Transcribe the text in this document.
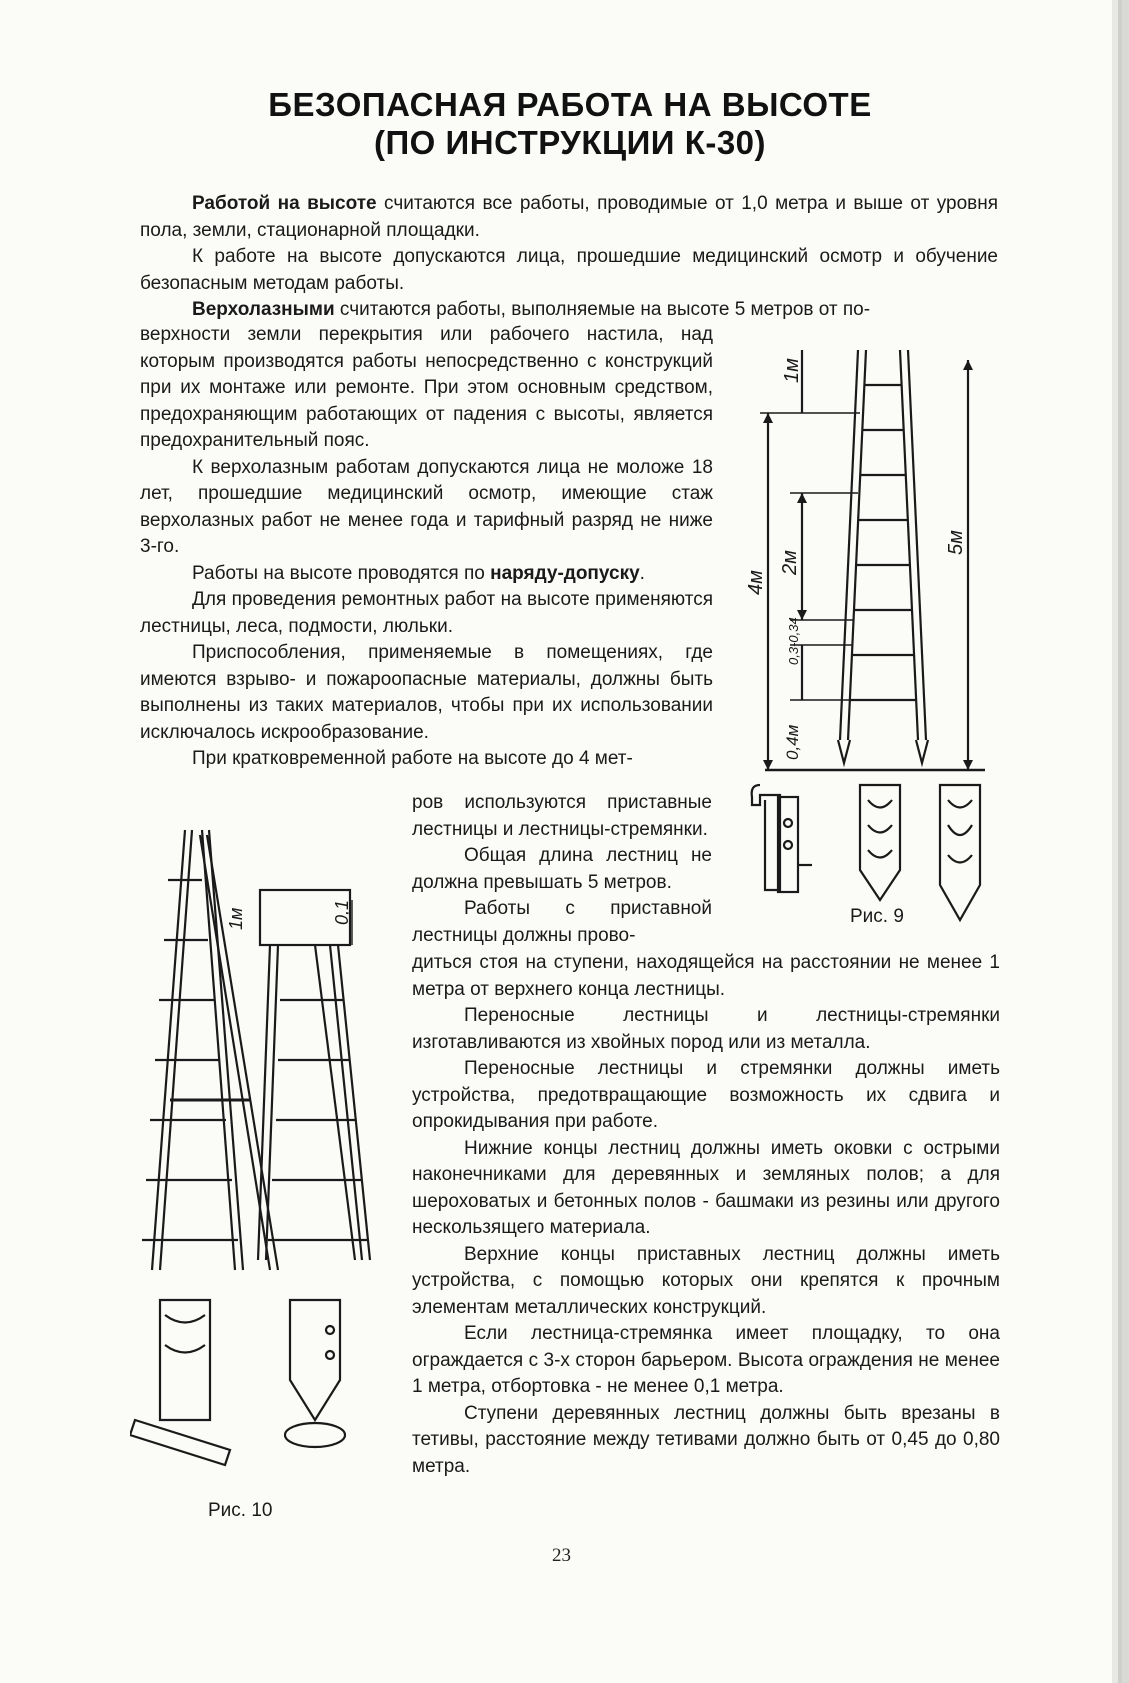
БЕЗОПАСНАЯ РАБОТА НА ВЫСОТЕ
(ПО ИНСТРУКЦИИ К-30)

Работой на высоте считаются все работы, проводимые от 1,0 метра и выше от уровня пола, земли, стационарной площадки.

К работе на высоте допускаются лица, прошедшие медицинский осмотр и обучение безопасным методам работы.

Верхолазными считаются работы, выполняемые на высоте 5 метров от по-

верхности земли перекрытия или рабочего настила, над которым производятся работы непосредственно с конструкций при их монтаже или ремонте. При этом основным средством, предохраняющим работающих от падения с высоты, является предохранительный пояс.

К верхолазным работам допускаются лица не моложе 18 лет, прошедшие медицинский осмотр, имеющие стаж верхолазных работ не менее года и тарифный разряд не ниже 3-го.

Работы на высоте проводятся по наряду-допуску.

Для проведения ремонтных работ на высоте применяются лестницы, леса, подмости, люльки.

Приспособления, применяемые в помещениях, где имеются взрыво- и пожароопасные материалы, должны быть выполнены из таких материалов, чтобы при их использовании исключалось искрообразование.

При кратковременной работе на высоте до 4 мет-

ров используются приставные лестницы и лестницы-стремянки.

Общая длина лестниц не должна превышать 5 метров.

Работы с приставной лестницы должны прово-

диться стоя на ступени, находящейся на расстоянии не менее 1 метра от верхнего конца лестницы.

Переносные лестницы и лестницы-стремянки изготавливаются из хвойных пород или из металла.

Переносные лестницы и стремянки должны иметь устройства, предотвращающие возможность их сдвига и опрокидывания при работе.

Нижние концы лестниц должны иметь оковки с острыми наконечниками для деревянных и земляных полов; а для шероховатых и бетонных полов - башмаки из резины или другого нескользящего материала.

Верхние концы приставных лестниц должны иметь устройства, с помощью которых они крепятся к прочным элементам металлических конструкций.

Если лестница-стремянка имеет площадку, то она ограждается с 3-х сторон барьером. Высота ограждения не менее 1 метра, отбортовка - не менее 0,1 метра.

Ступени деревянных лестниц должны быть врезаны в тетивы, расстояние между тетивами должно быть от 0,45 до 0,80 метра.

1м
2м
4м
5м
0,3-0,34
0,4м
Рис. 9
1м	0,1
Рис. 10
23
